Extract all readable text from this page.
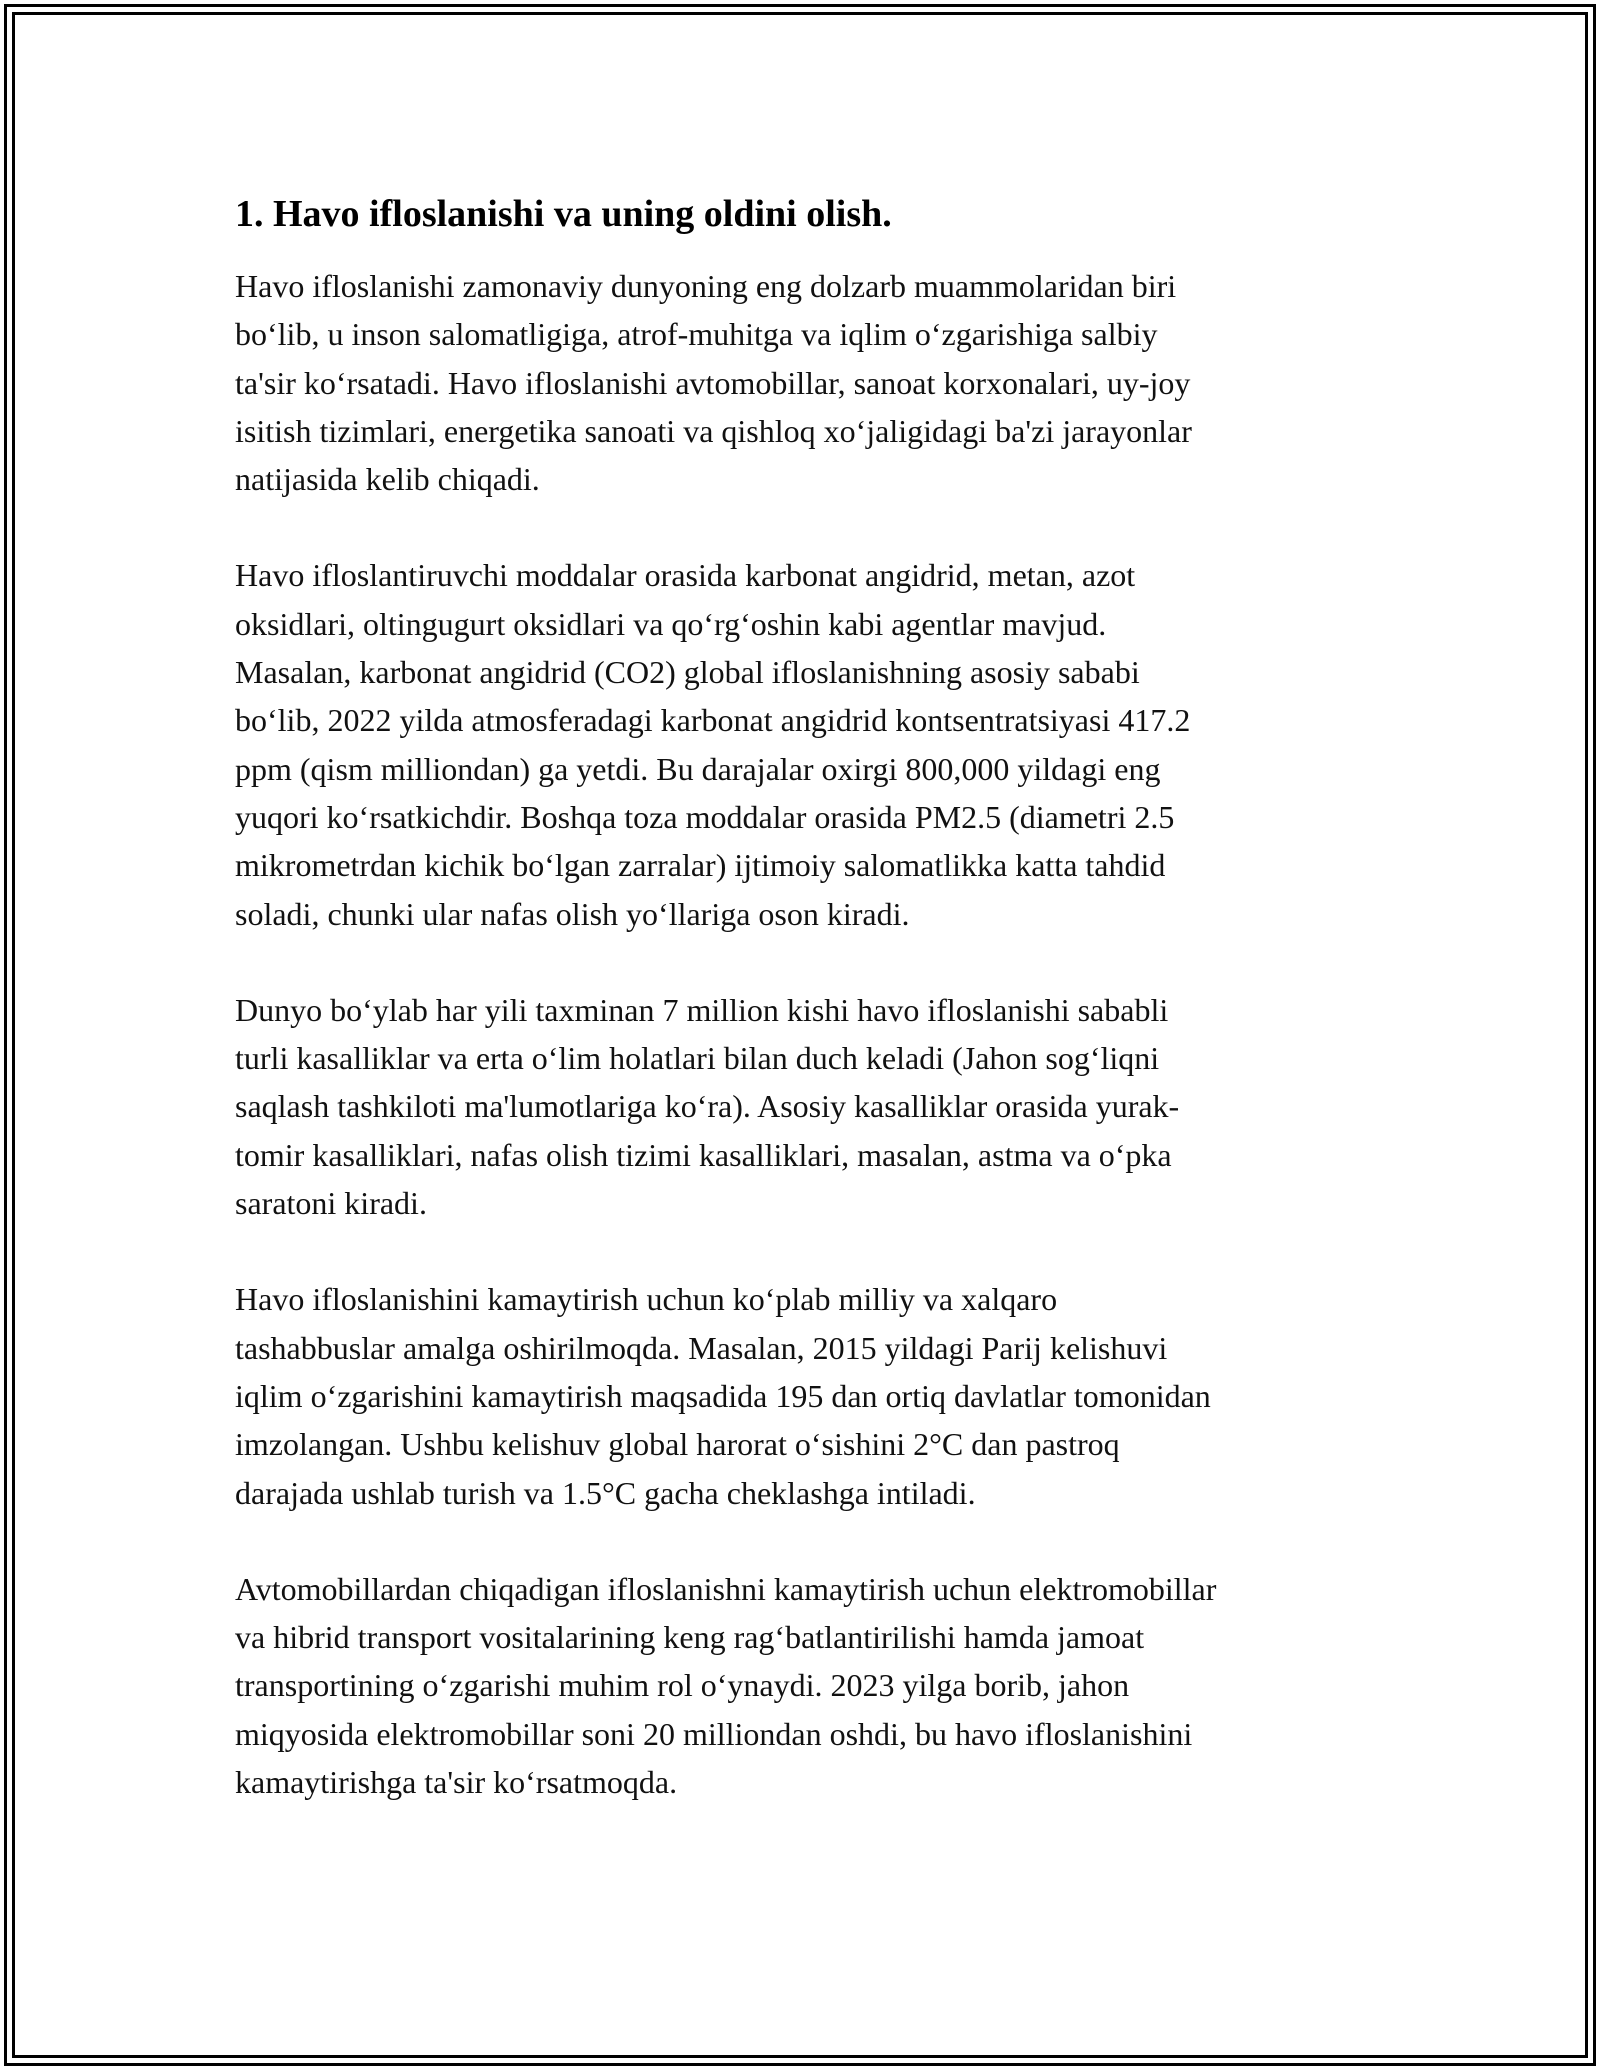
1. Havo ifloslanishi va uning oldini olish.

Havo ifloslanishi zamonaviy dunyoning eng dolzarb muammolaridan biri
bo‘lib, u inson salomatligiga, atrof-muhitga va iqlim o‘zgarishiga salbiy
ta'sir ko‘rsatadi. Havo ifloslanishi avtomobillar, sanoat korxonalari, uy-joy
isitish tizimlari, energetika sanoati va qishloq xo‘jaligidagi ba'zi jarayonlar
natijasida kelib chiqadi.

Havo ifloslantiruvchi moddalar orasida karbonat angidrid, metan, azot
oksidlari, oltingugurt oksidlari va qo‘rg‘oshin kabi agentlar mavjud.
Masalan, karbonat angidrid (CO2) global ifloslanishning asosiy sababi
bo‘lib, 2022 yilda atmosferadagi karbonat angidrid kontsentratsiyasi 417.2
ppm (qism milliondan) ga yetdi. Bu darajalar oxirgi 800,000 yildagi eng
yuqori ko‘rsatkichdir. Boshqa toza moddalar orasida PM2.5 (diametri 2.5
mikrometrdan kichik bo‘lgan zarralar) ijtimoiy salomatlikka katta tahdid
soladi, chunki ular nafas olish yo‘llariga oson kiradi.

Dunyo bo‘ylab har yili taxminan 7 million kishi havo ifloslanishi sababli
turli kasalliklar va erta o‘lim holatlari bilan duch keladi (Jahon sog‘liqni
saqlash tashkiloti ma'lumotlariga ko‘ra). Asosiy kasalliklar orasida yurak-
tomir kasalliklari, nafas olish tizimi kasalliklari, masalan, astma va o‘pka
saratoni kiradi.

Havo ifloslanishini kamaytirish uchun ko‘plab milliy va xalqaro
tashabbuslar amalga oshirilmoqda. Masalan, 2015 yildagi Parij kelishuvi
iqlim o‘zgarishini kamaytirish maqsadida 195 dan ortiq davlatlar tomonidan
imzolangan. Ushbu kelishuv global harorat o‘sishini 2°C dan pastroq
darajada ushlab turish va 1.5°C gacha cheklashga intiladi.

Avtomobillardan chiqadigan ifloslanishni kamaytirish uchun elektromobillar
va hibrid transport vositalarining keng rag‘batlantirilishi hamda jamoat
transportining o‘zgarishi muhim rol o‘ynaydi. 2023 yilga borib, jahon
miqyosida elektromobillar soni 20 milliondan oshdi, bu havo ifloslanishini
kamaytirishga ta'sir ko‘rsatmoqda.
